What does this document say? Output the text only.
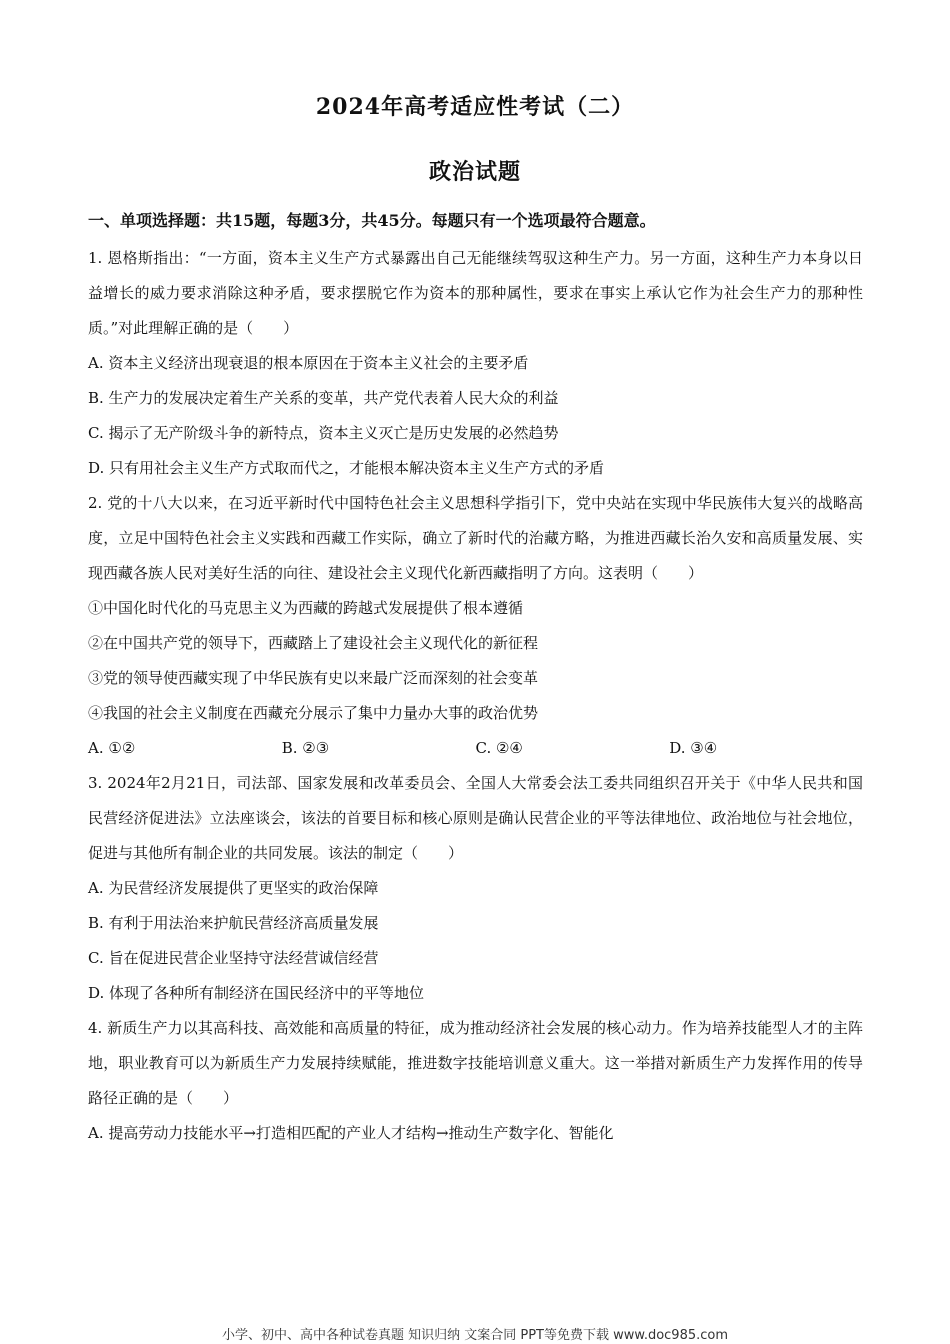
2024年高考适应性考试（二）
政治试题
一、单项选择题：共15题，每题3分，共45分。每题只有一个选项最符合题意。

1. 恩格斯指出：“一方面，资本主义生产方式暴露出自己无能继续驾驭这种生产力。另一方面，这种生产力本身以日益增长的威力要求消除这种矛盾，要求摆脱它作为资本的那种属性，要求在事实上承认它作为社会生产力的那种性质。”对此理解正确的是（　　）

A. 资本主义经济出现衰退的根本原因在于资本主义社会的主要矛盾

B. 生产力的发展决定着生产关系的变革，共产党代表着人民大众的利益

C. 揭示了无产阶级斗争的新特点，资本主义灭亡是历史发展的必然趋势

D. 只有用社会主义生产方式取而代之，才能根本解决资本主义生产方式的矛盾

2. 党的十八大以来，在习近平新时代中国特色社会主义思想科学指引下，党中央站在实现中华民族伟大复兴的战略高度，立足中国特色社会主义实践和西藏工作实际，确立了新时代的治藏方略，为推进西藏长治久安和高质量发展、实现西藏各族人民对美好生活的向往、建设社会主义现代化新西藏指明了方向。这表明（　　）

①中国化时代化的马克思主义为西藏的跨越式发展提供了根本遵循

②在中国共产党的领导下，西藏踏上了建设社会主义现代化的新征程

③党的领导使西藏实现了中华民族有史以来最广泛而深刻的社会变革

④我国的社会主义制度在西藏充分展示了集中力量办大事的政治优势

A. ①②	B. ②③	C. ②④	D. ③④

3. 2024年2月21日，司法部、国家发展和改革委员会、全国人大常委会法工委共同组织召开关于《中华人民共和国民营经济促进法》立法座谈会，该法的首要目标和核心原则是确认民营企业的平等法律地位、政治地位与社会地位，促进与其他所有制企业的共同发展。该法的制定（　　）

A. 为民营经济发展提供了更坚实的政治保障

B. 有利于用法治来护航民营经济高质量发展

C. 旨在促进民营企业坚持守法经营诚信经营

D. 体现了各种所有制经济在国民经济中的平等地位

4. 新质生产力以其高科技、高效能和高质量的特征，成为推动经济社会发展的核心动力。作为培养技能型人才的主阵地，职业教育可以为新质生产力发展持续赋能，推进数字技能培训意义重大。这一举措对新质生产力发挥作用的传导路径正确的是（　　）

A. 提高劳动力技能水平→打造相匹配的产业人才结构→推动生产数字化、智能化

小学、初中、高中各种试卷真题 知识归纳 文案合同 PPT等免费下载 www.doc985.com
